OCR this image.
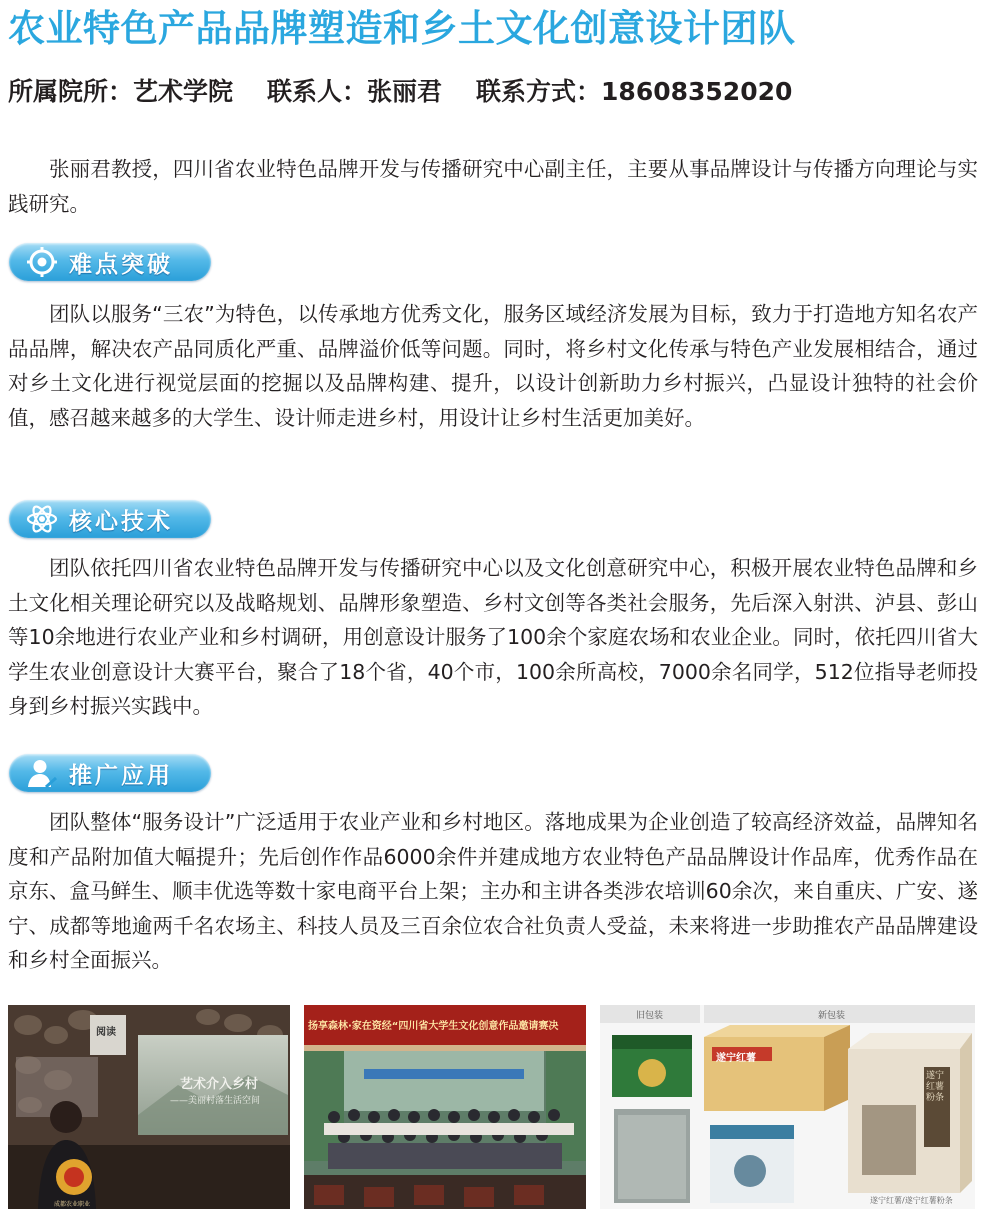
农业特色产品品牌塑造和乡土文化创意设计团队
所属院所：艺术学院 联系人：张丽君 联系方式：18608352020

张丽君教授，四川省农业特色品牌开发与传播研究中心副主任，主要从事品牌设计与传播方向理论与实践研究。

难点突破

团队以服务“三农”为特色，以传承地方优秀文化，服务区域经济发展为目标，致力于打造地方知名农产品品牌，解决农产品同质化严重、品牌溢价低等问题。同时，将乡村文化传承与特色产业发展相结合，通过对乡土文化进行视觉层面的挖掘以及品牌构建、提升，以设计创新助力乡村振兴，凸显设计独特的社会价值，感召越来越多的大学生、设计师走进乡村，用设计让乡村生活更加美好。

核心技术

团队依托四川省农业特色品牌开发与传播研究中心以及文化创意研究中心，积极开展农业特色品牌和乡土文化相关理论研究以及战略规划、品牌形象塑造、乡村文创等各类社会服务，先后深入射洪、泸县、彭山等10余地进行农业产业和乡村调研，用创意设计服务了100余个家庭农场和农业企业。同时，依托四川省大学生农业创意设计大赛平台，聚合了18个省，40个市，100余所高校，7000余名同学，512位指导老师投身到乡村振兴实践中。

推广应用

团队整体“服务设计”广泛适用于农业产业和乡村地区。落地成果为企业创造了较高经济效益，品牌知名度和产品附加值大幅提升；先后创作作品6000余件并建成地方农业特色产品品牌设计作品库，优秀作品在京东、盒马鲜生、顺丰优选等数十家电商平台上架；主办和主讲各类涉农培训60余次，来自重庆、广安、遂宁、成都等地逾两千名农场主、科技人员及三百余位农合社负责人受益，未来将进一步助推农产品品牌建设和乡村全面振兴。

艺术介入乡村
——美丽村落生活空间
阅读
成都农业职业
扬享森林·家在资经“四川省大学生文化创意作品邀请赛决
旧包装	新包装
遂宁红薯
遂宁红薯粉条
遂宁红薯/遂宁红薯粉条
